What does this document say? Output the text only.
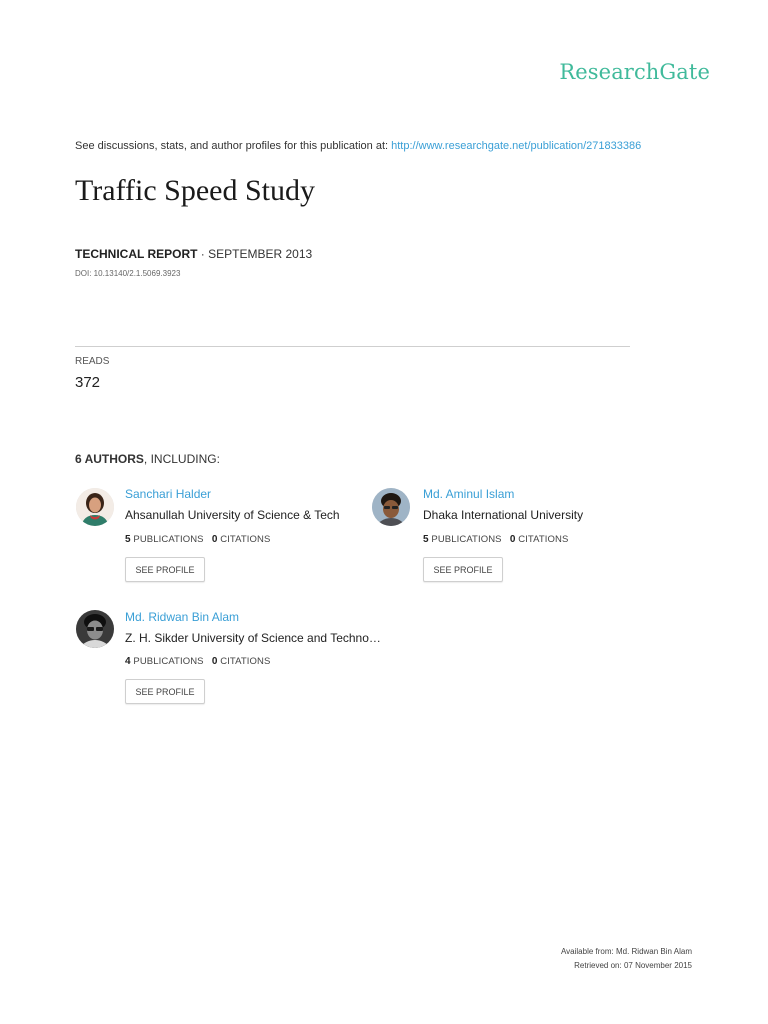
ResearchGate
See discussions, stats, and author profiles for this publication at: http://www.researchgate.net/publication/271833386
Traffic Speed Study
TECHNICAL REPORT · SEPTEMBER 2013
DOI: 10.13140/2.1.5069.3923
READS
372
6 AUTHORS, INCLUDING:
Sanchari Halder
Ahsanullah University of Science & Tech
5 PUBLICATIONS 0 CITATIONS
SEE PROFILE
Md. Aminul Islam
Dhaka International University
5 PUBLICATIONS 0 CITATIONS
SEE PROFILE
Md. Ridwan Bin Alam
Z. H. Sikder University of Science and Techno…
4 PUBLICATIONS 0 CITATIONS
SEE PROFILE
Available from: Md. Ridwan Bin Alam
Retrieved on: 07 November 2015
